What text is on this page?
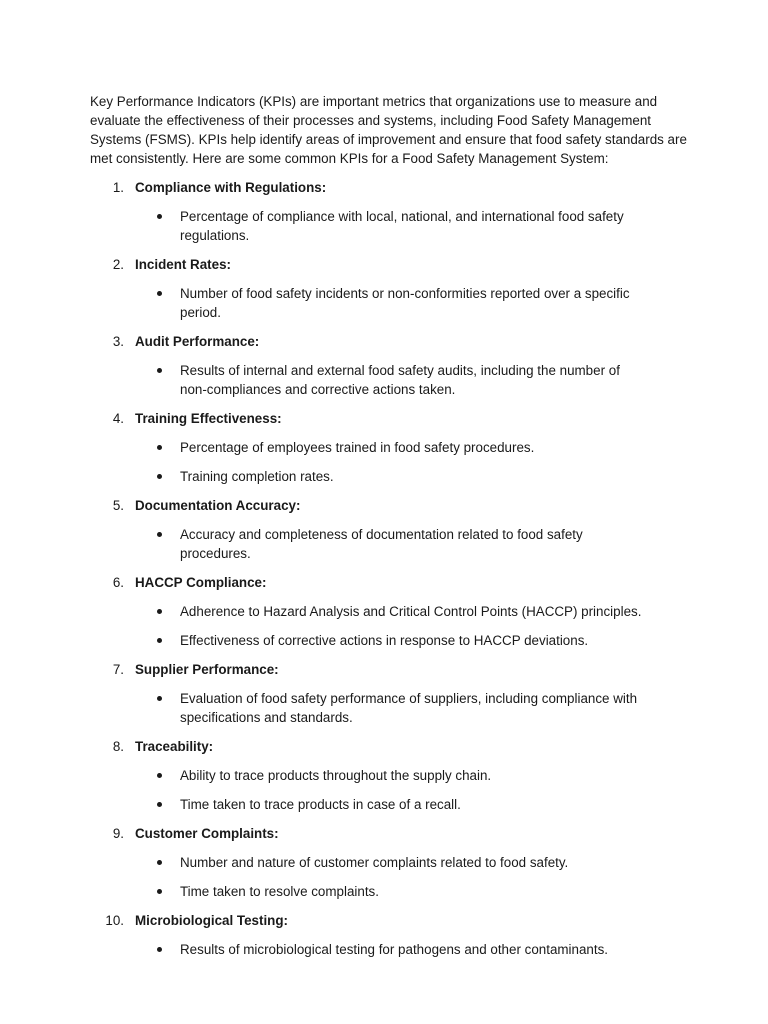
Key Performance Indicators (KPIs) are important metrics that organizations use to measure and evaluate the effectiveness of their processes and systems, including Food Safety Management Systems (FSMS). KPIs help identify areas of improvement and ensure that food safety standards are met consistently. Here are some common KPIs for a Food Safety Management System:

1. Compliance with Regulations:
Percentage of compliance with local, national, and international food safety regulations.
2. Incident Rates:
Number of food safety incidents or non-conformities reported over a specific period.
3. Audit Performance:
Results of internal and external food safety audits, including the number of non-compliances and corrective actions taken.
4. Training Effectiveness:
Percentage of employees trained in food safety procedures.
Training completion rates.
5. Documentation Accuracy:
Accuracy and completeness of documentation related to food safety procedures.
6. HACCP Compliance:
Adherence to Hazard Analysis and Critical Control Points (HACCP) principles.
Effectiveness of corrective actions in response to HACCP deviations.
7. Supplier Performance:
Evaluation of food safety performance of suppliers, including compliance with specifications and standards.
8. Traceability:
Ability to trace products throughout the supply chain.
Time taken to trace products in case of a recall.
9. Customer Complaints:
Number and nature of customer complaints related to food safety.
Time taken to resolve complaints.
10. Microbiological Testing:
Results of microbiological testing for pathogens and other contaminants.
